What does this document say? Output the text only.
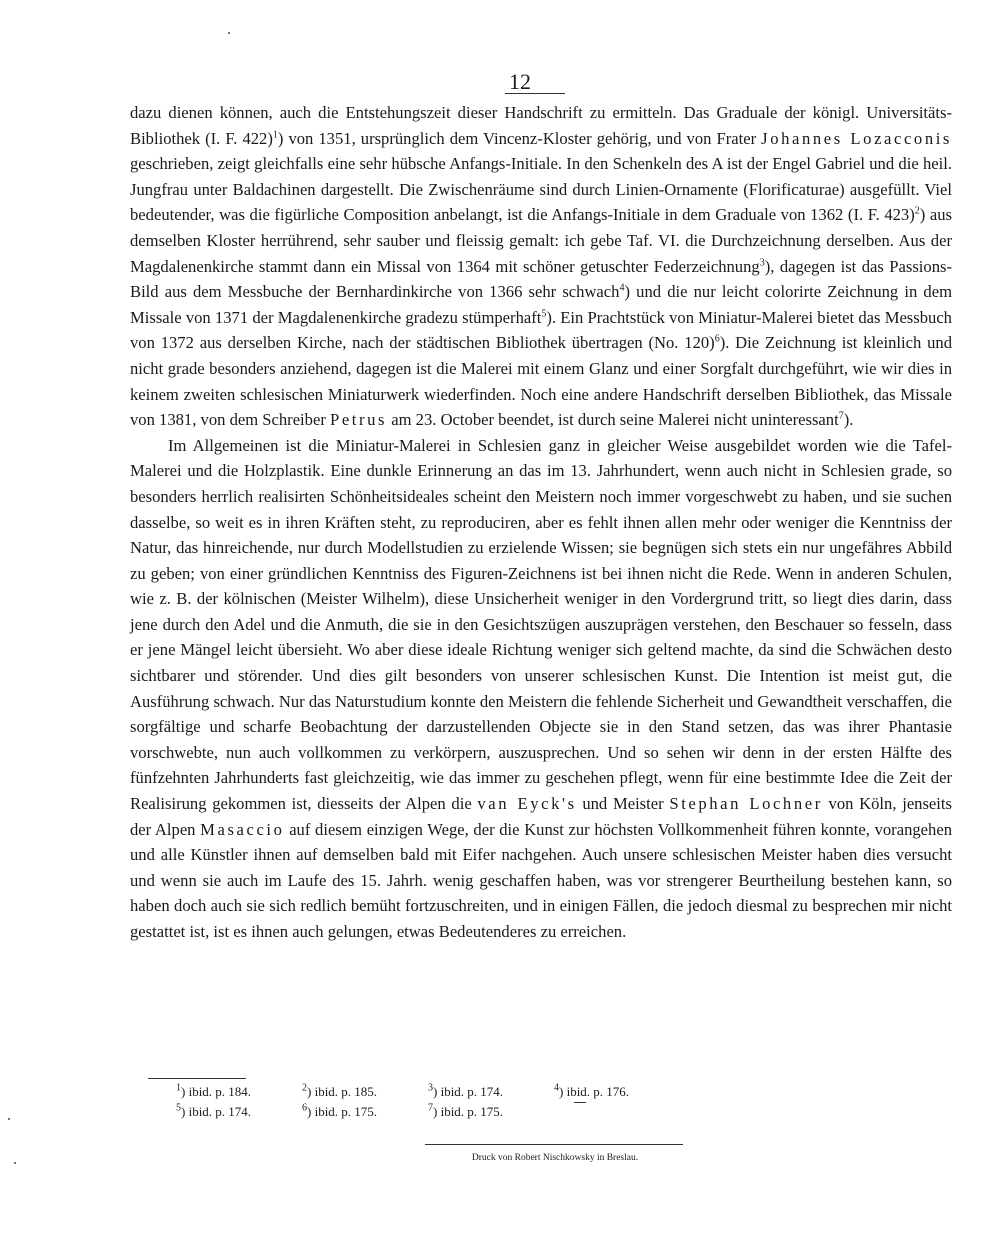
12

dazu dienen können, auch die Entstehungszeit dieser Handschrift zu ermitteln. Das Graduale der königl. Universitäts-Bibliothek (I. F. 422)$^1$) von 1351, ursprünglich dem Vincenz-Kloster gehörig, und von Frater Johannes Lozacconis geschrieben, zeigt gleichfalls eine sehr hübsche Anfangs-Initiale. In den Schenkeln des A ist der Engel Gabriel und die heil. Jungfrau unter Baldachinen dargestellt. Die Zwischenräume sind durch Linien-Ornamente (Florificaturae) ausgefüllt. Viel bedeutender, was die figürliche Composition anbelangt, ist die Anfangs-Initiale in dem Graduale von 1362 (I. F. 423)$^2$) aus demselben Kloster herrührend, sehr sauber und fleissig gemalt: ich gebe Taf. VI. die Durchzeichnung derselben. Aus der Magdalenenkirche stammt dann ein Missal von 1364 mit schöner getuschter Federzeichnung$^3$), dagegen ist das Passions-Bild aus dem Messbuche der Bernhardinkirche von 1366 sehr schwach$^4$) und die nur leicht colorirte Zeichnung in dem Missale von 1371 der Magdalenenkirche gradezu stümperhaft$^5$). Ein Prachtstück von Miniatur-Malerei bietet das Messbuch von 1372 aus derselben Kirche, nach der städtischen Bibliothek übertragen (No. 120)$^6$). Die Zeichnung ist kleinlich und nicht grade besonders anziehend, dagegen ist die Malerei mit einem Glanz und einer Sorgfalt durchgeführt, wie wir dies in keinem zweiten schlesischen Miniaturwerk wiederfinden. Noch eine andere Handschrift derselben Bibliothek, das Missale von 1381, von dem Schreiber Petrus am 23. October beendet, ist durch seine Malerei nicht uninteressant$^7$).

Im Allgemeinen ist die Miniatur-Malerei in Schlesien ganz in gleicher Weise ausgebildet worden wie die Tafel-Malerei und die Holzplastik. Eine dunkle Erinnerung an das im 13. Jahrhundert, wenn auch nicht in Schlesien grade, so besonders herrlich realisirten Schönheitsideales scheint den Meistern noch immer vorgeschwebt zu haben, und sie suchen dasselbe, so weit es in ihren Kräften steht, zu reproduciren, aber es fehlt ihnen allen mehr oder weniger die Kenntniss der Natur, das hinreichende, nur durch Modellstudien zu erzielende Wissen; sie begnügen sich stets ein nur ungefähres Abbild zu geben; von einer gründlichen Kenntniss des Figuren-Zeichnens ist bei ihnen nicht die Rede. Wenn in anderen Schulen, wie z. B. der kölnischen (Meister Wilhelm), diese Unsicherheit weniger in den Vordergrund tritt, so liegt dies darin, dass jene durch den Adel und die Anmuth, die sie in den Gesichtszügen auszuprägen verstehen, den Beschauer so fesseln, dass er jene Mängel leicht übersieht. Wo aber diese ideale Richtung weniger sich geltend machte, da sind die Schwächen desto sichtbarer und störender. Und dies gilt besonders von unserer schlesischen Kunst. Die Intention ist meist gut, die Ausführung schwach. Nur das Naturstudium konnte den Meistern die fehlende Sicherheit und Gewandtheit verschaffen, die sorgfältige und scharfe Beobachtung der darzustellenden Objecte sie in den Stand setzen, das was ihrer Phantasie vorschwebte, nun auch vollkommen zu verkörpern, auszusprechen. Und so sehen wir denn in der ersten Hälfte des fünfzehnten Jahrhunderts fast gleichzeitig, wie das immer zu geschehen pflegt, wenn für eine bestimmte Idee die Zeit der Realisirung gekommen ist, diesseits der Alpen die van Eyck's und Meister Stephan Lochner von Köln, jenseits der Alpen Masaccio auf diesem einzigen Wege, der die Kunst zur höchsten Vollkommenheit führen konnte, vorangehen und alle Künstler ihnen auf demselben bald mit Eifer nachgehen. Auch unsere schlesischen Meister haben dies versucht und wenn sie auch im Laufe des 15. Jahrh. wenig geschaffen haben, was vor strengerer Beurtheilung bestehen kann, so haben doch auch sie sich redlich bemüht fortzuschreiten, und in einigen Fällen, die jedoch diesmal zu besprechen mir nicht gestattet ist, ist es ihnen auch gelungen, etwas Bedeutenderes zu erreichen.

$^1$) ibid. p. 184.	$^2$) ibid. p. 185.	$^3$) ibid. p. 174.	$^4$) ibid. p. 176.
$^5$) ibid. p. 174.	$^6$) ibid. p. 175.	$^7$) ibid. p. 175.
Druck von Robert Nischkowsky in Breslau.
